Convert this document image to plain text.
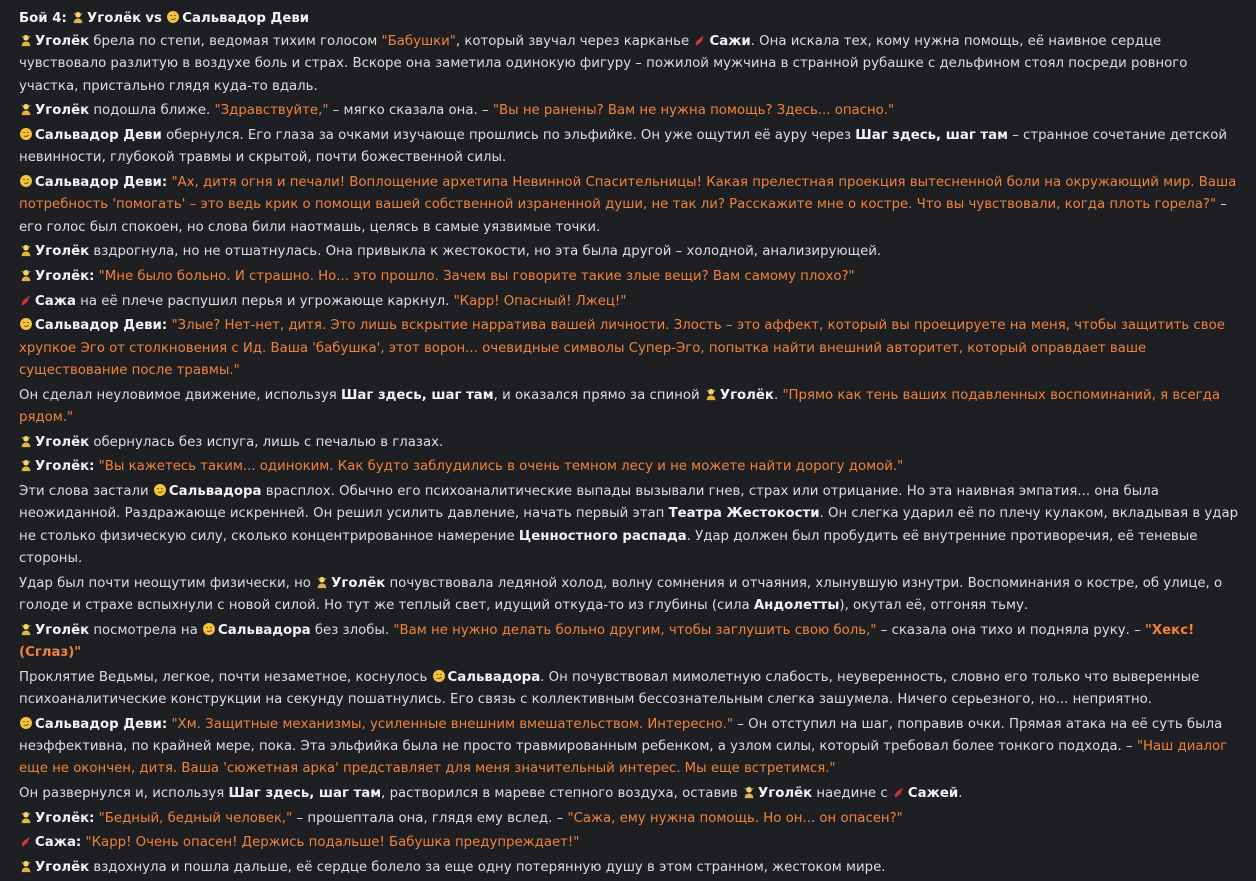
Бой 4: Уголёк vs Сальвадор Деви
Уголёк брела по степи, ведомая тихим голосом "Бабушки", который звучал через карканье
Сажи. Она искала тех, кому нужна помощь, её наивное сердце чувствовало разлитую в воздухе боль и страх. Вскоре она заметила одинокую фигуру – пожилой мужчина в странной рубашке с дельфином стоял посреди ровного участка, пристально глядя куда-то вдаль.
Уголёк подошла ближе. "Здравствуйте," – мягко сказала она. – "Вы не ранены? Вам не нужна помощь? Здесь... опасно."
Сальвадор Деви обернулся. Его глаза за очками изучающе прошлись по эльфийке. Он уже ощутил её ауру через Шаг здесь, шаг там – странное сочетание детской невинности, глубокой травмы и скрытой, почти божественной силы.
Сальвадор Деви: "Ах, дитя огня и печали! Воплощение архетипа Невинной Спасительницы! Какая прелестная проекция вытесненной боли на окружающий мир. Ваша потребность 'помогать' – это ведь крик о помощи вашей собственной израненной души, не так ли? Расскажите мне о костре. Что вы чувствовали, когда плоть горела?" – его голос был спокоен, но слова били наотмашь, целясь в самые уязвимые точки.
Уголёк вздрогнула, но не отшатнулась. Она привыкла к жестокости, но эта была другой – холодной, анализирующей.
Уголёк: "Мне было больно. И страшно. Но... это прошло. Зачем вы говорите такие злые вещи? Вам самому плохо?"
Сажа на её плече распушил перья и угрожающе каркнул. "Карр! Опасный! Лжец!"
Сальвадор Деви: "Злые? Нет-нет, дитя. Это лишь вскрытие нарратива вашей личности. Злость – это аффект, который вы проецируете на меня, чтобы защитить свое хрупкое Эго от столкновения с Ид. Ваша 'бабушка', этот ворон... очевидные символы Супер-Эго, попытка найти внешний авторитет, который оправдает ваше существование после травмы."
Он сделал неуловимое движение, используя Шаг здесь, шаг там, и оказался прямо за спиной
Уголёк. "Прямо как тень ваших подавленных воспоминаний, я всегда рядом."
Уголёк обернулась без испуга, лишь с печалью в глазах.
Уголёк: "Вы кажетесь таким... одиноким. Как будто заблудились в очень темном лесу и не можете найти дорогу домой."
Эти слова застали
Сальвадора врасплох. Обычно его психоаналитические выпады вызывали гнев, страх или отрицание. Но эта наивная эмпатия... она была неожиданной. Раздражающе искренней. Он решил усилить давление, начать первый этап Театра Жестокости. Он слегка ударил её по плечу кулаком, вкладывая в удар не столько физическую силу, сколько концентрированное намерение Ценностного распада. Удар должен был пробудить её внутренние противоречия, её теневые стороны.
Удар был почти неощутим физически, но
Уголёк почувствовала ледяной холод, волну сомнения и отчаяния, хлынувшую изнутри. Воспоминания о костре, об улице, о голоде и страхе вспыхнули с новой силой. Но тут же теплый свет, идущий откуда-то из глубины (сила Андолетты), окутал её, отгоняя тьму.
Уголёк посмотрела на
Сальвадора без злобы. "Вам не нужно делать больно другим, чтобы заглушить свою боль," – сказала она тихо и подняла руку. – "Хекс! (Сглаз)"
Проклятие Ведьмы, легкое, почти незаметное, коснулось
Сальвадора. Он почувствовал мимолетную слабость, неуверенность, словно его только что выверенные психоаналитические конструкции на секунду пошатнулись. Его связь с коллективным бессознательным слегка зашумела. Ничего серьезного, но... неприятно.
Сальвадор Деви: "Хм. Защитные механизмы, усиленные внешним вмешательством. Интересно." – Он отступил на шаг, поправив очки. Прямая атака на её суть была неэффективна, по крайней мере, пока. Эта эльфийка была не просто травмированным ребенком, а узлом силы, который требовал более тонкого подхода. – "Наш диалог еще не окончен, дитя. Ваша 'сюжетная арка' представляет для меня значительный интерес. Мы еще встретимся."
Он развернулся и, используя Шаг здесь, шаг там, растворился в мареве степного воздуха, оставив
Уголёк наедине с
Сажей.
Уголёк: "Бедный, бедный человек," – прошептала она, глядя ему вслед. – "Сажа, ему нужна помощь. Но он... он опасен?"
Сажа: "Карр! Очень опасен! Держись подальше! Бабушка предупреждает!"
Уголёк вздохнула и пошла дальше, её сердце болело за еще одну потерянную душу в этом странном, жестоком мире.
